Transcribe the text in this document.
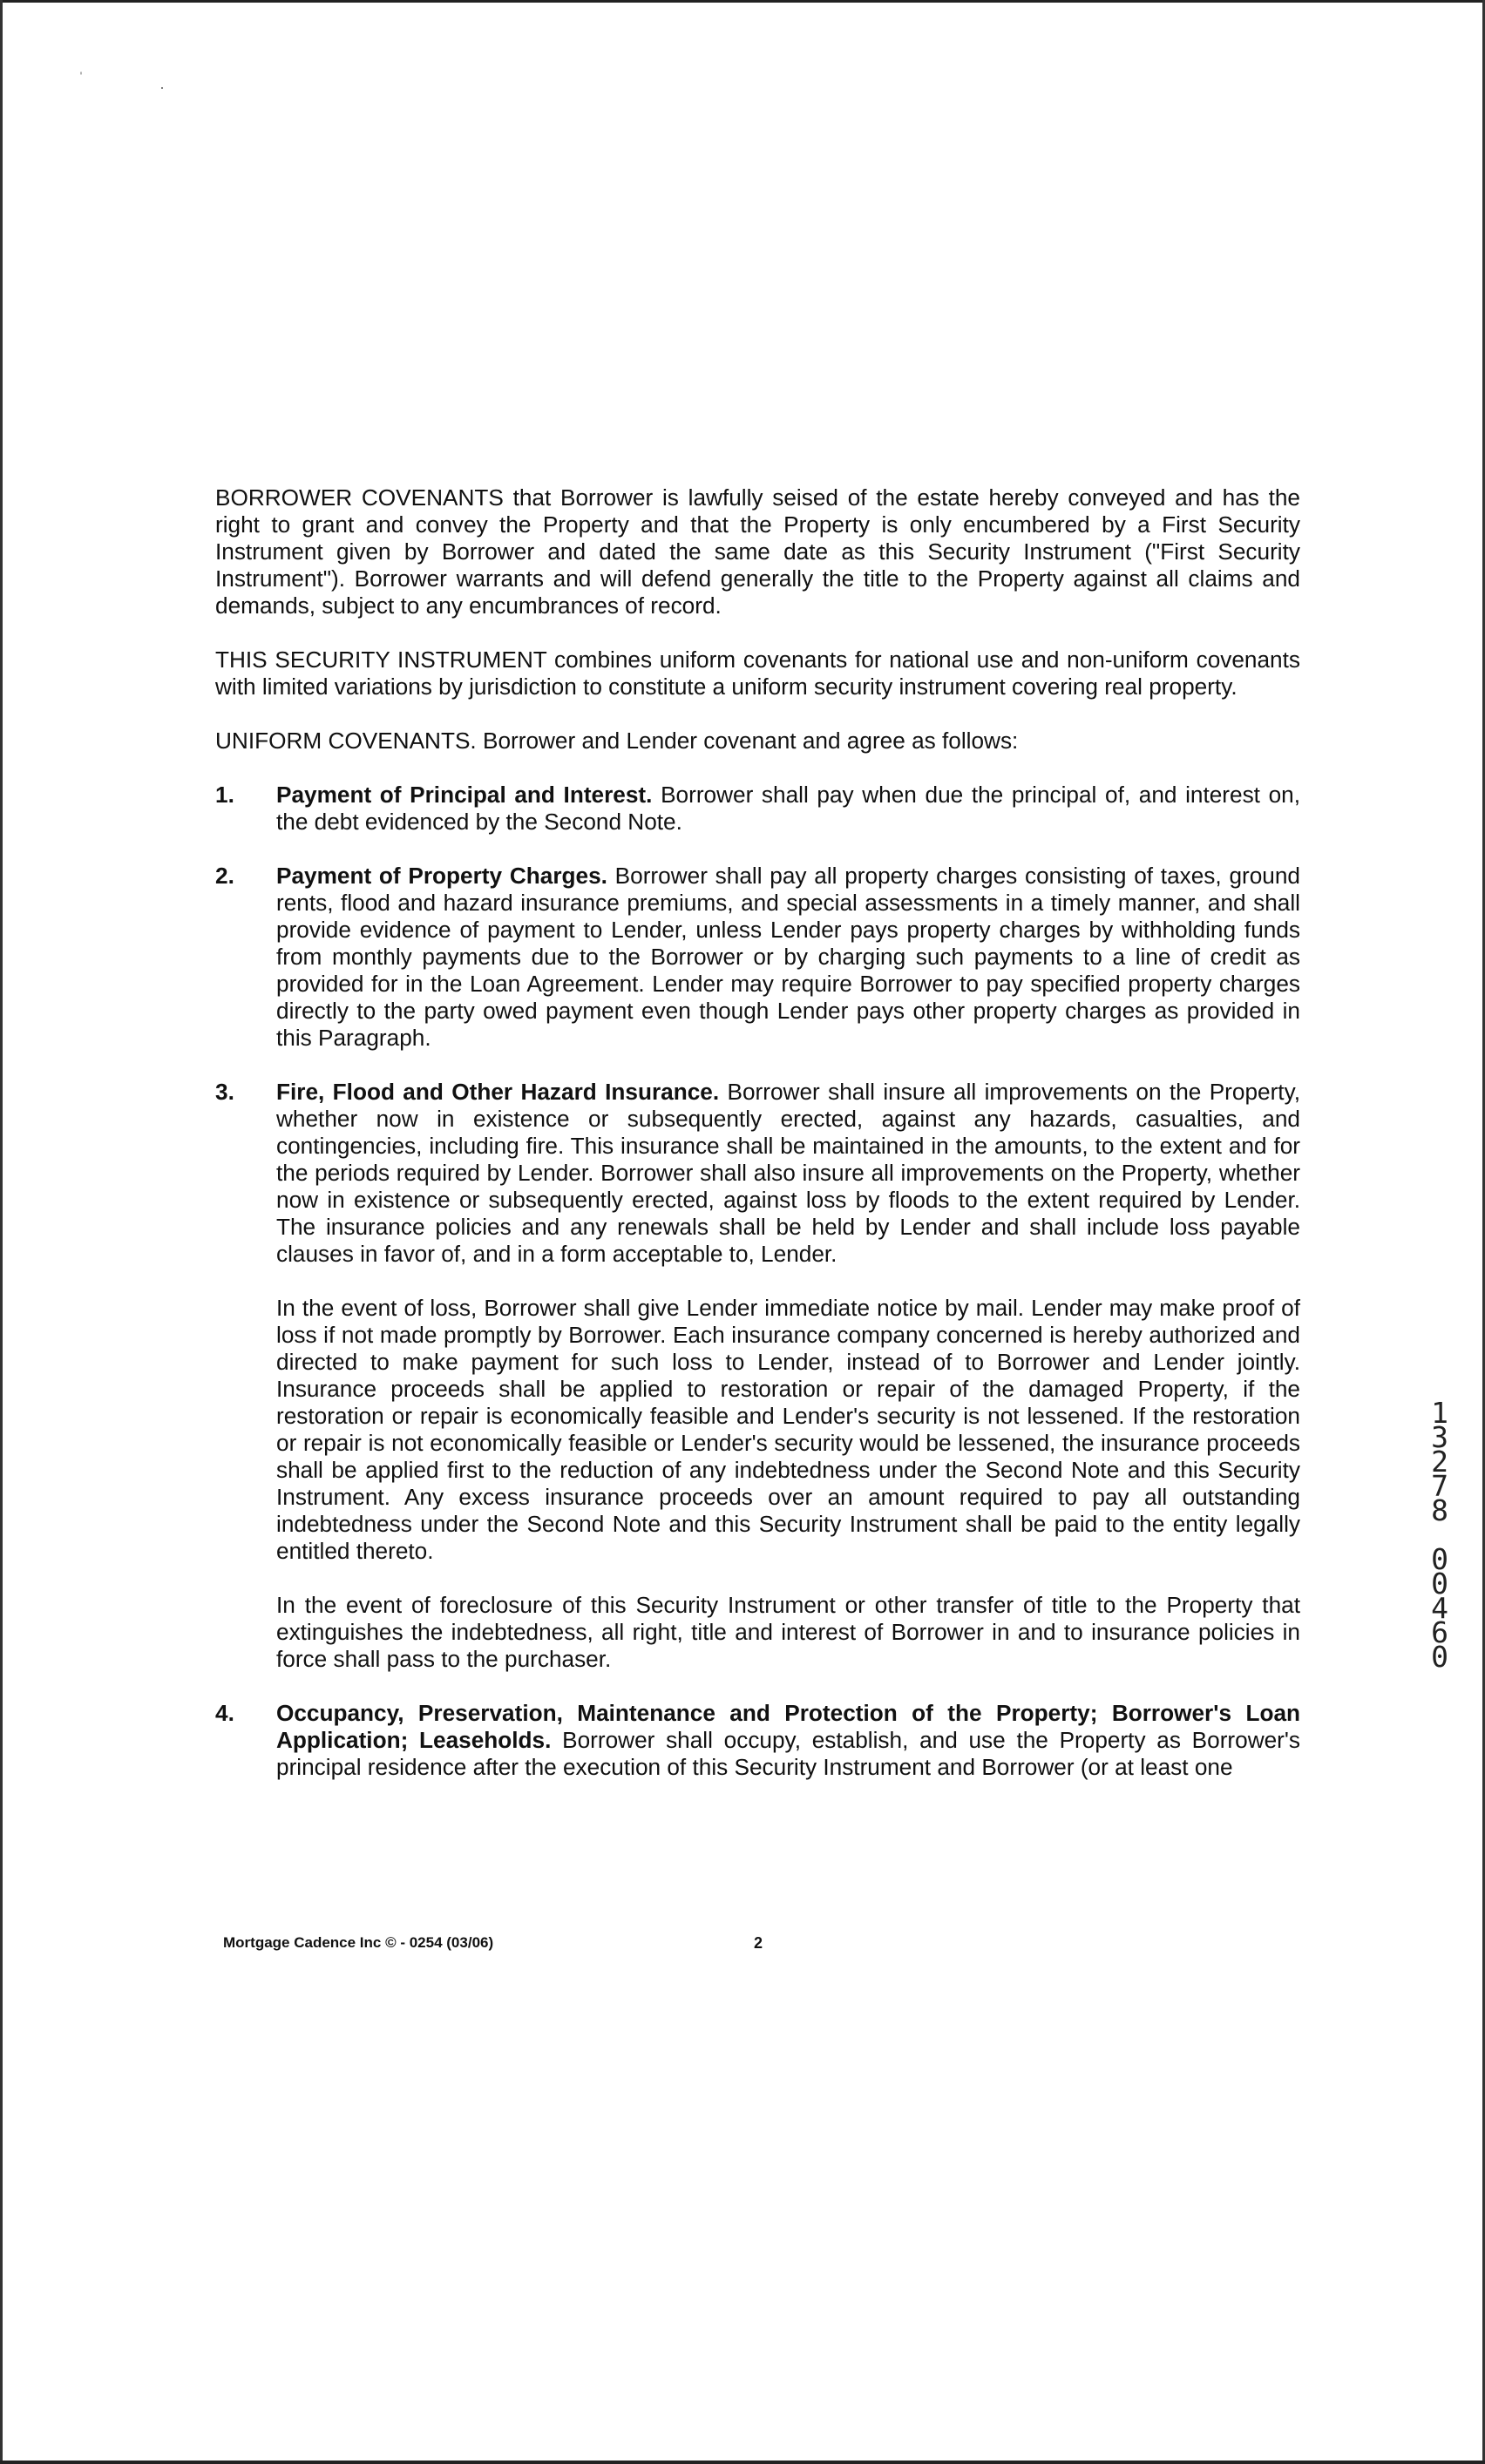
ˈ	·

BORROWER COVENANTS that Borrower is lawfully seised of the estate hereby conveyed and has the right to grant and convey the Property and that the Property is only encumbered by a First Security Instrument given by Borrower and dated the same date as this Security Instrument ("First Security Instrument"). Borrower warrants and will defend generally the title to the Property against all claims and demands, subject to any encumbrances of record.

THIS SECURITY INSTRUMENT combines uniform covenants for national use and non-uniform covenants with limited variations by jurisdiction to constitute a uniform security instrument covering real property.

UNIFORM COVENANTS. Borrower and Lender covenant and agree as follows:

1. Payment of Principal and Interest. Borrower shall pay when due the principal of, and interest on, the debt evidenced by the Second Note.

2. Payment of Property Charges. Borrower shall pay all property charges consisting of taxes, ground rents, flood and hazard insurance premiums, and special assessments in a timely manner, and shall provide evidence of payment to Lender, unless Lender pays property charges by withholding funds from monthly payments due to the Borrower or by charging such payments to a line of credit as provided for in the Loan Agreement. Lender may require Borrower to pay specified property charges directly to the party owed payment even though Lender pays other property charges as provided in this Paragraph.

3. Fire, Flood and Other Hazard Insurance. Borrower shall insure all improvements on the Property, whether now in existence or subsequently erected, against any hazards, casualties, and contingencies, including fire. This insurance shall be maintained in the amounts, to the extent and for the periods required by Lender. Borrower shall also insure all improvements on the Property, whether now in existence or subsequently erected, against loss by floods to the extent required by Lender. The insurance policies and any renewals shall be held by Lender and shall include loss payable clauses in favor of, and in a form acceptable to, Lender.

In the event of loss, Borrower shall give Lender immediate notice by mail. Lender may make proof of loss if not made promptly by Borrower. Each insurance company concerned is hereby authorized and directed to make payment for such loss to Lender, instead of to Borrower and Lender jointly. Insurance proceeds shall be applied to restoration or repair of the damaged Property, if the restoration or repair is economically feasible and Lender's security is not lessened. If the restoration or repair is not economically feasible or Lender's security would be lessened, the insurance proceeds shall be applied first to the reduction of any indebtedness under the Second Note and this Security Instrument. Any excess insurance proceeds over an amount required to pay all outstanding indebtedness under the Second Note and this Security Instrument shall be paid to the entity legally entitled thereto.

In the event of foreclosure of this Security Instrument or other transfer of title to the Property that extinguishes the indebtedness, all right, title and interest of Borrower in and to insurance policies in force shall pass to the purchaser.

4. Occupancy, Preservation, Maintenance and Protection of the Property; Borrower's Loan Application; Leaseholds. Borrower shall occupy, establish, and use the Property as Borrower's principal residence after the execution of this Security Instrument and Borrower (or at least one

1
3
2
7
8
0
0
4
6
0
Mortgage Cadence Inc © - 0254 (03/06)	2
